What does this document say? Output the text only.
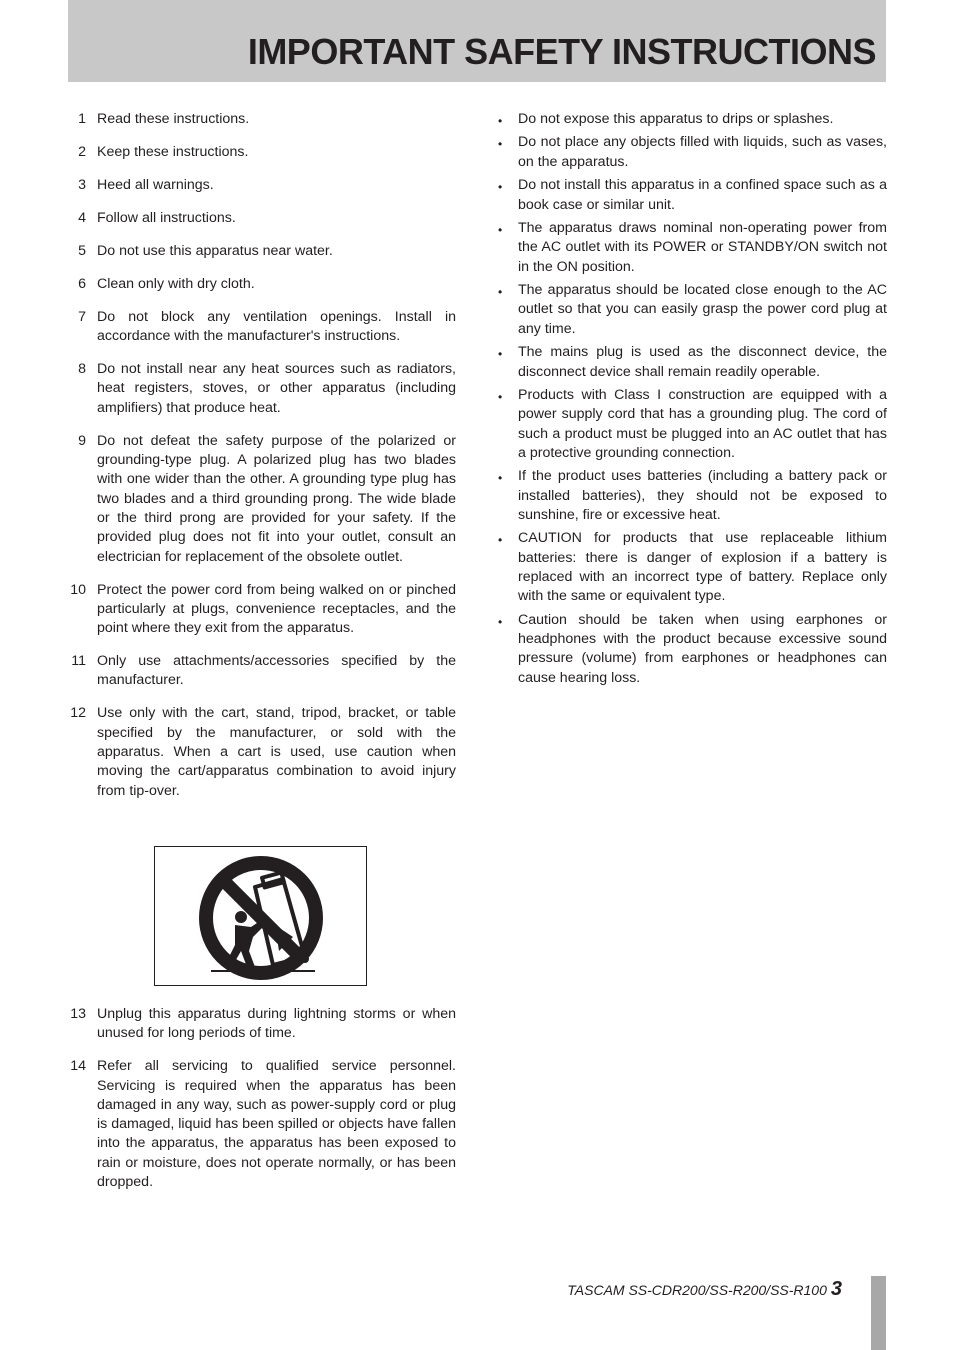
IMPORTANT SAFETY INSTRUCTIONS
1 Read these instructions.
2 Keep these instructions.
3 Heed all warnings.
4 Follow all instructions.
5 Do not use this apparatus near water.
6 Clean only with dry cloth.
7 Do not block any ventilation openings. Install in accordance with the manufacturer's instructions.
8 Do not install near any heat sources such as radiators, heat registers, stoves, or other apparatus (including amplifiers) that produce heat.
9 Do not defeat the safety purpose of the polarized or grounding-type plug. A polarized plug has two blades with one wider than the other. A grounding type plug has two blades and a third grounding prong. The wide blade or the third prong are provided for your safety. If the provided plug does not fit into your outlet, consult an electrician for replacement of the obsolete outlet.
10 Protect the power cord from being walked on or pinched particularly at plugs, convenience receptacles, and the point where they exit from the apparatus.
11 Only use attachments/accessories specified by the manufacturer.
12 Use only with the cart, stand, tripod, bracket, or table specified by the manufacturer, or sold with the apparatus. When a cart is used, use caution when moving the cart/apparatus combination to avoid injury from tip-over.
13 Unplug this apparatus during lightning storms or when unused for long periods of time.
14 Refer all servicing to qualified service personnel. Servicing is required when the apparatus has been damaged in any way, such as power-supply cord or plug is damaged, liquid has been spilled or objects have fallen into the apparatus, the apparatus has been exposed to rain or moisture, does not operate normally, or has been dropped.
• Do not expose this apparatus to drips or splashes.
• Do not place any objects filled with liquids, such as vases, on the apparatus.
• Do not install this apparatus in a confined space such as a book case or similar unit.
• The apparatus draws nominal non-operating power from the AC outlet with its POWER or STANDBY/ON switch not in the ON position.
• The apparatus should be located close enough to the AC outlet so that you can easily grasp the power cord plug at any time.
• The mains plug is used as the disconnect device, the disconnect device shall remain readily operable.
• Products with Class I construction are equipped with a power supply cord that has a grounding plug. The cord of such a product must be plugged into an AC outlet that has a protective grounding connection.
• If the product uses batteries (including a battery pack or installed batteries), they should not be exposed to sunshine, fire or excessive heat.
• CAUTION for products that use replaceable lithium batteries: there is danger of explosion if a battery is replaced with an incorrect type of battery. Replace only with the same or equivalent type.
• Caution should be taken when using earphones or headphones with the product because excessive sound pressure (volume) from earphones or headphones can cause hearing loss.
TASCAM SS-CDR200/SS-R200/SS-R100 3
